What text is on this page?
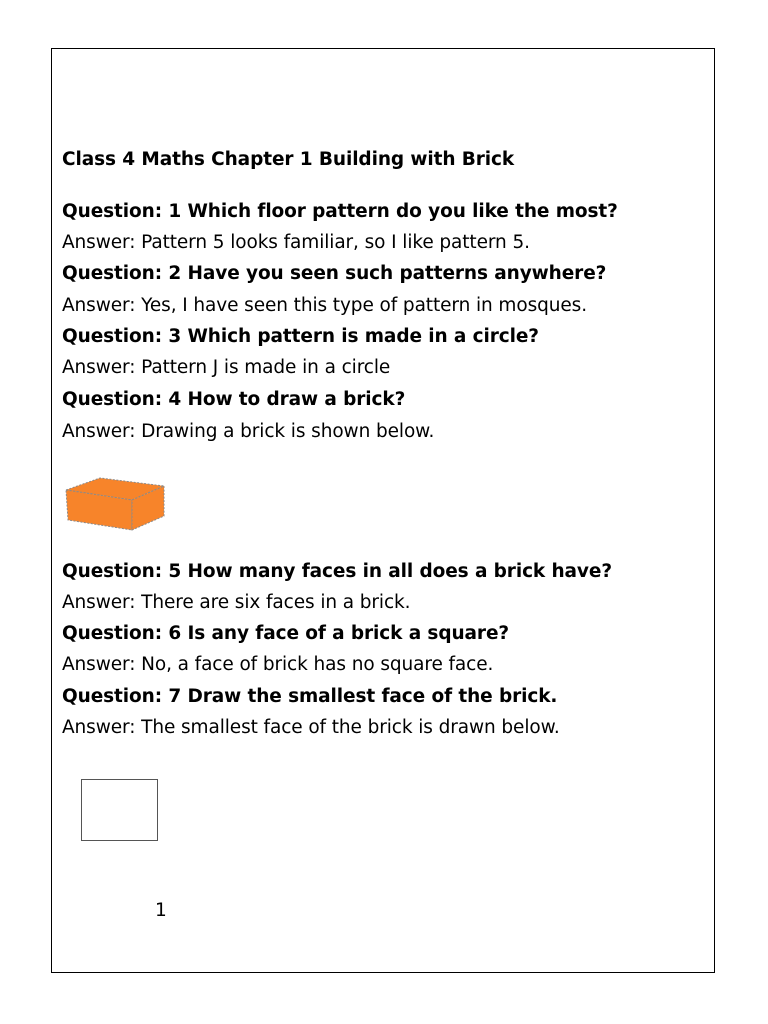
Class 4 Maths Chapter 1 Building with Brick
Question: 1 Which floor pattern do you like the most?
Answer: Pattern 5 looks familiar, so I like pattern 5.
Question: 2 Have you seen such patterns anywhere?
Answer: Yes, I have seen this type of pattern in mosques.
Question: 3 Which pattern is made in a circle?
Answer: Pattern J is made in a circle
Question: 4 How to draw a brick?
Answer: Drawing a brick is shown below.
Question: 5 How many faces in all does a brick have?
Answer: There are six faces in a brick.
Question: 6 Is any face of a brick a square?
Answer: No, a face of brick has no square face.
Question: 7 Draw the smallest face of the brick.
Answer: The smallest face of the brick is drawn below.
1
